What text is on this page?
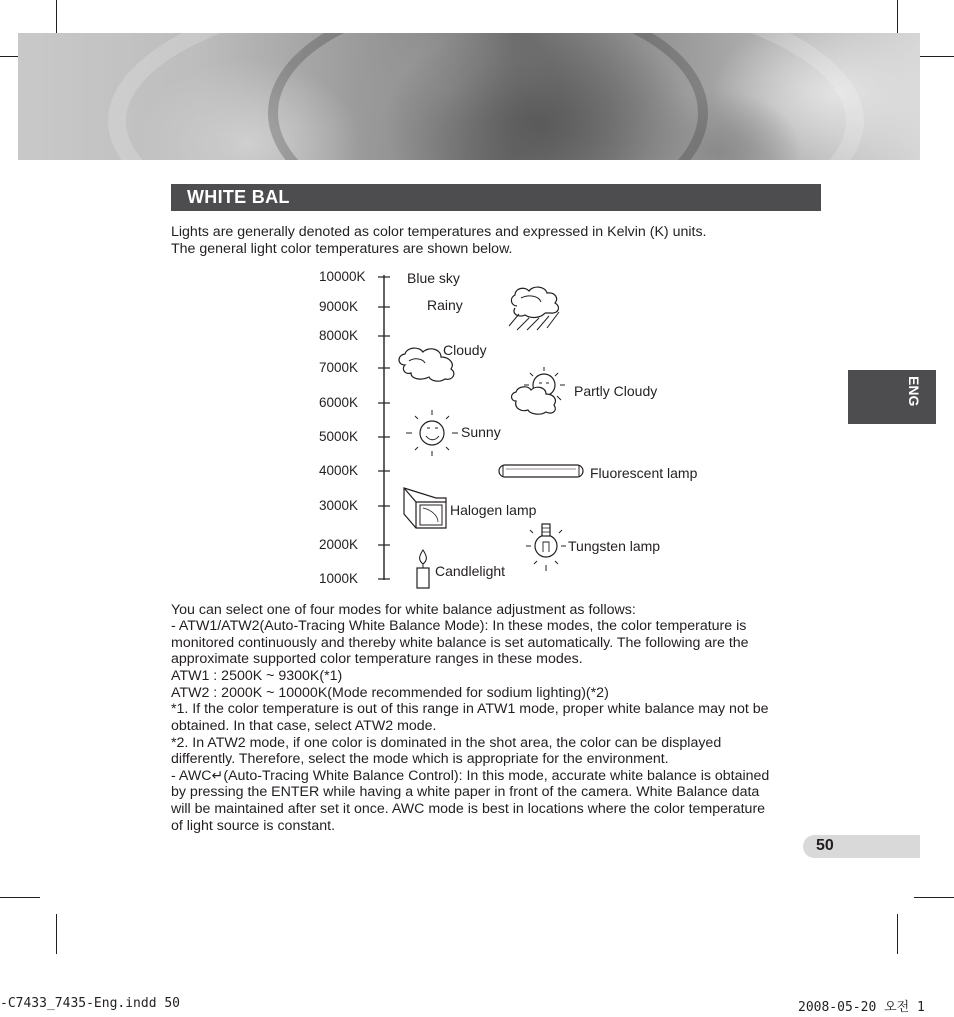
WHITE BAL
ENG
Lights are generally denoted as color temperatures and expressed in Kelvin (K) units.
The general light color temperatures are shown below.
10000K
9000K
8000K
7000K
6000K
5000K
4000K
3000K
2000K
1000K
Blue sky
Rainy
Cloudy
Partly Cloudy
Sunny
Fluorescent lamp
Halogen lamp
Tungsten lamp
Candlelight
You can select one of four modes for white balance adjustment as follows:
- ATW1/ATW2(Auto-Tracing White Balance Mode): In these modes, the color temperature is
monitored continuously and thereby white balance is set automatically. The following are the
approximate supported color temperature ranges in these modes.
ATW1 : 2500K ~ 9300K(*1)
ATW2 : 2000K ~ 10000K(Mode recommended for sodium lighting)(*2)
*1. If the color temperature is out of this range in ATW1 mode, proper white balance may not be
obtained. In that case, select ATW2 mode.
*2. In ATW2 mode, if one color is dominated in the shot area, the color can be displayed
differently. Therefore, select the mode which is appropriate for the environment.
- AWC↵(Auto-Tracing White Balance Control): In this mode, accurate white balance is obtained
by pressing the ENTER while having a white paper in front of the camera. White Balance data
will be maintained after set it once. AWC mode is best in locations where the color temperature
of light source is constant.
50
-C7433_7435-Eng.indd 50	2008-05-20 오전 1
